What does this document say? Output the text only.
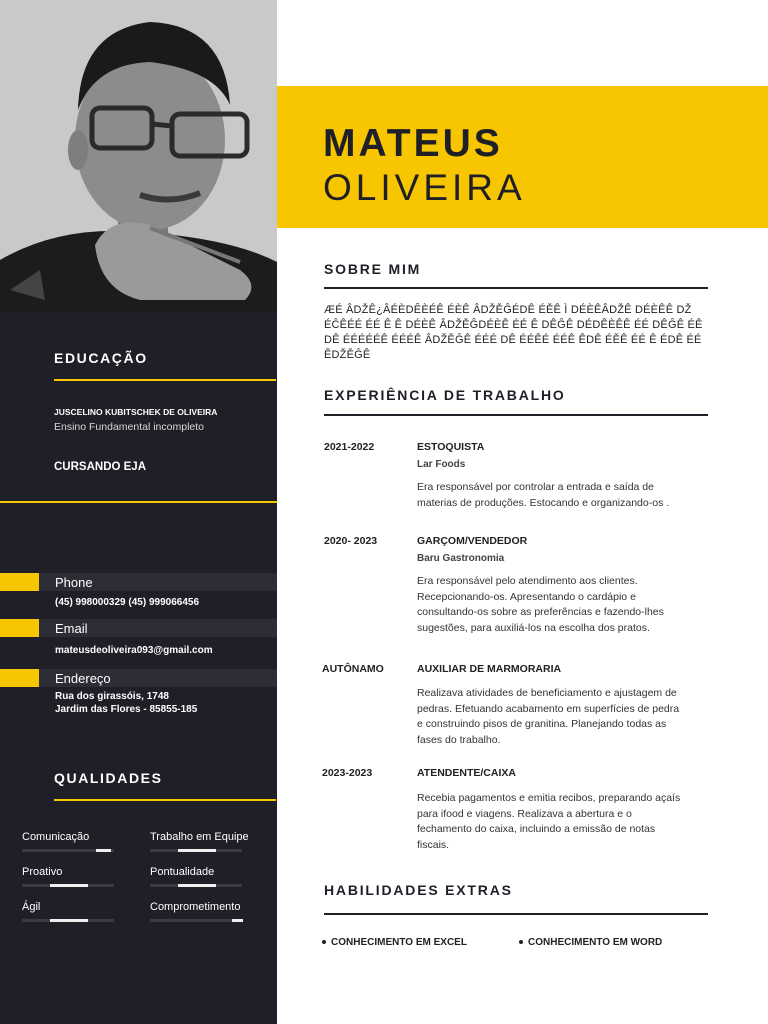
EDUCAÇÃO
JUSCELINO KUBITSCHEK DE OLIVEIRA
Ensino Fundamental incompleto
CURSANDO EJA
Phone
(45) 998000329 (45) 999066456
Email
mateusdeoliveira093@gmail.com
Endereço
Rua dos girassóis, 1748
Jardim das Flores - 85855-185
QUALIDADES
Comunicação	Trabalho em Equipe
Proativo	Pontualidade
Ágil	Comprometimento
MATEUS
OLIVEIRA
SOBRE MIM
ÆÉ ÂDŽÊ¿ÂÉÈDȆÈÉÊ ÉÈÊ ÂDŽĚĜÉDÊ ÉĚÊ Ì DÉÈÊÂDŽÊ DÉÈÊÊ DŽ ÉĈÊÉÉ ÉÉ Ê Ê DÉÈÊ ÂDŽĚĜDÉÈÊ ÉÉ Ê DÊĜÊ DÉDÊÈÊÊ ÉÉ DÊĜÊ ÉÊ DÊ ÉÉÉÉÉÊ ÉÉÉÊ ÂDŽĚĜÊ ÉÉÉ DÊ ÉÉÊÉ ÉÉÊ ÊDÊ ÉĚÊ ÉÉ Ê ÉDÊ ÉÉ ÊDŽĚĜÊ
EXPERIÊNCIA DE TRABALHO
2021-2022	ESTOQUISTA
Lar Foods
Era responsável por controlar a entrada e saída de materias de produções. Estocando e organizando-os .
2020- 2023	GARÇOM/VENDEDOR
Baru Gastronomia
Era responsável pelo atendimento aos clientes. Recepcionando-os. Apresentando o cardápio e consultando-os sobre as preferências e fazendo-lhes sugestões, para auxiliá-los na escolha dos pratos.
AUTÔNAMO	AUXILIAR DE MARMORARIA
Realizava atividades de beneficiamento e ajustagem de pedras. Efetuando acabamento em superfícies de pedra e construindo pisos de granitina. Planejando todas as fases do trabalho.
2023-2023	ATENDENTE/CAIXA
Recebia pagamentos e emitia recibos, preparando açaís para ifood e viagens. Realizava a abertura e o fechamento do caixa, incluindo a emissão de notas fiscais.
HABILIDADES EXTRAS
CONHECIMENTO EM EXCEL	CONHECIMENTO EM WORD
